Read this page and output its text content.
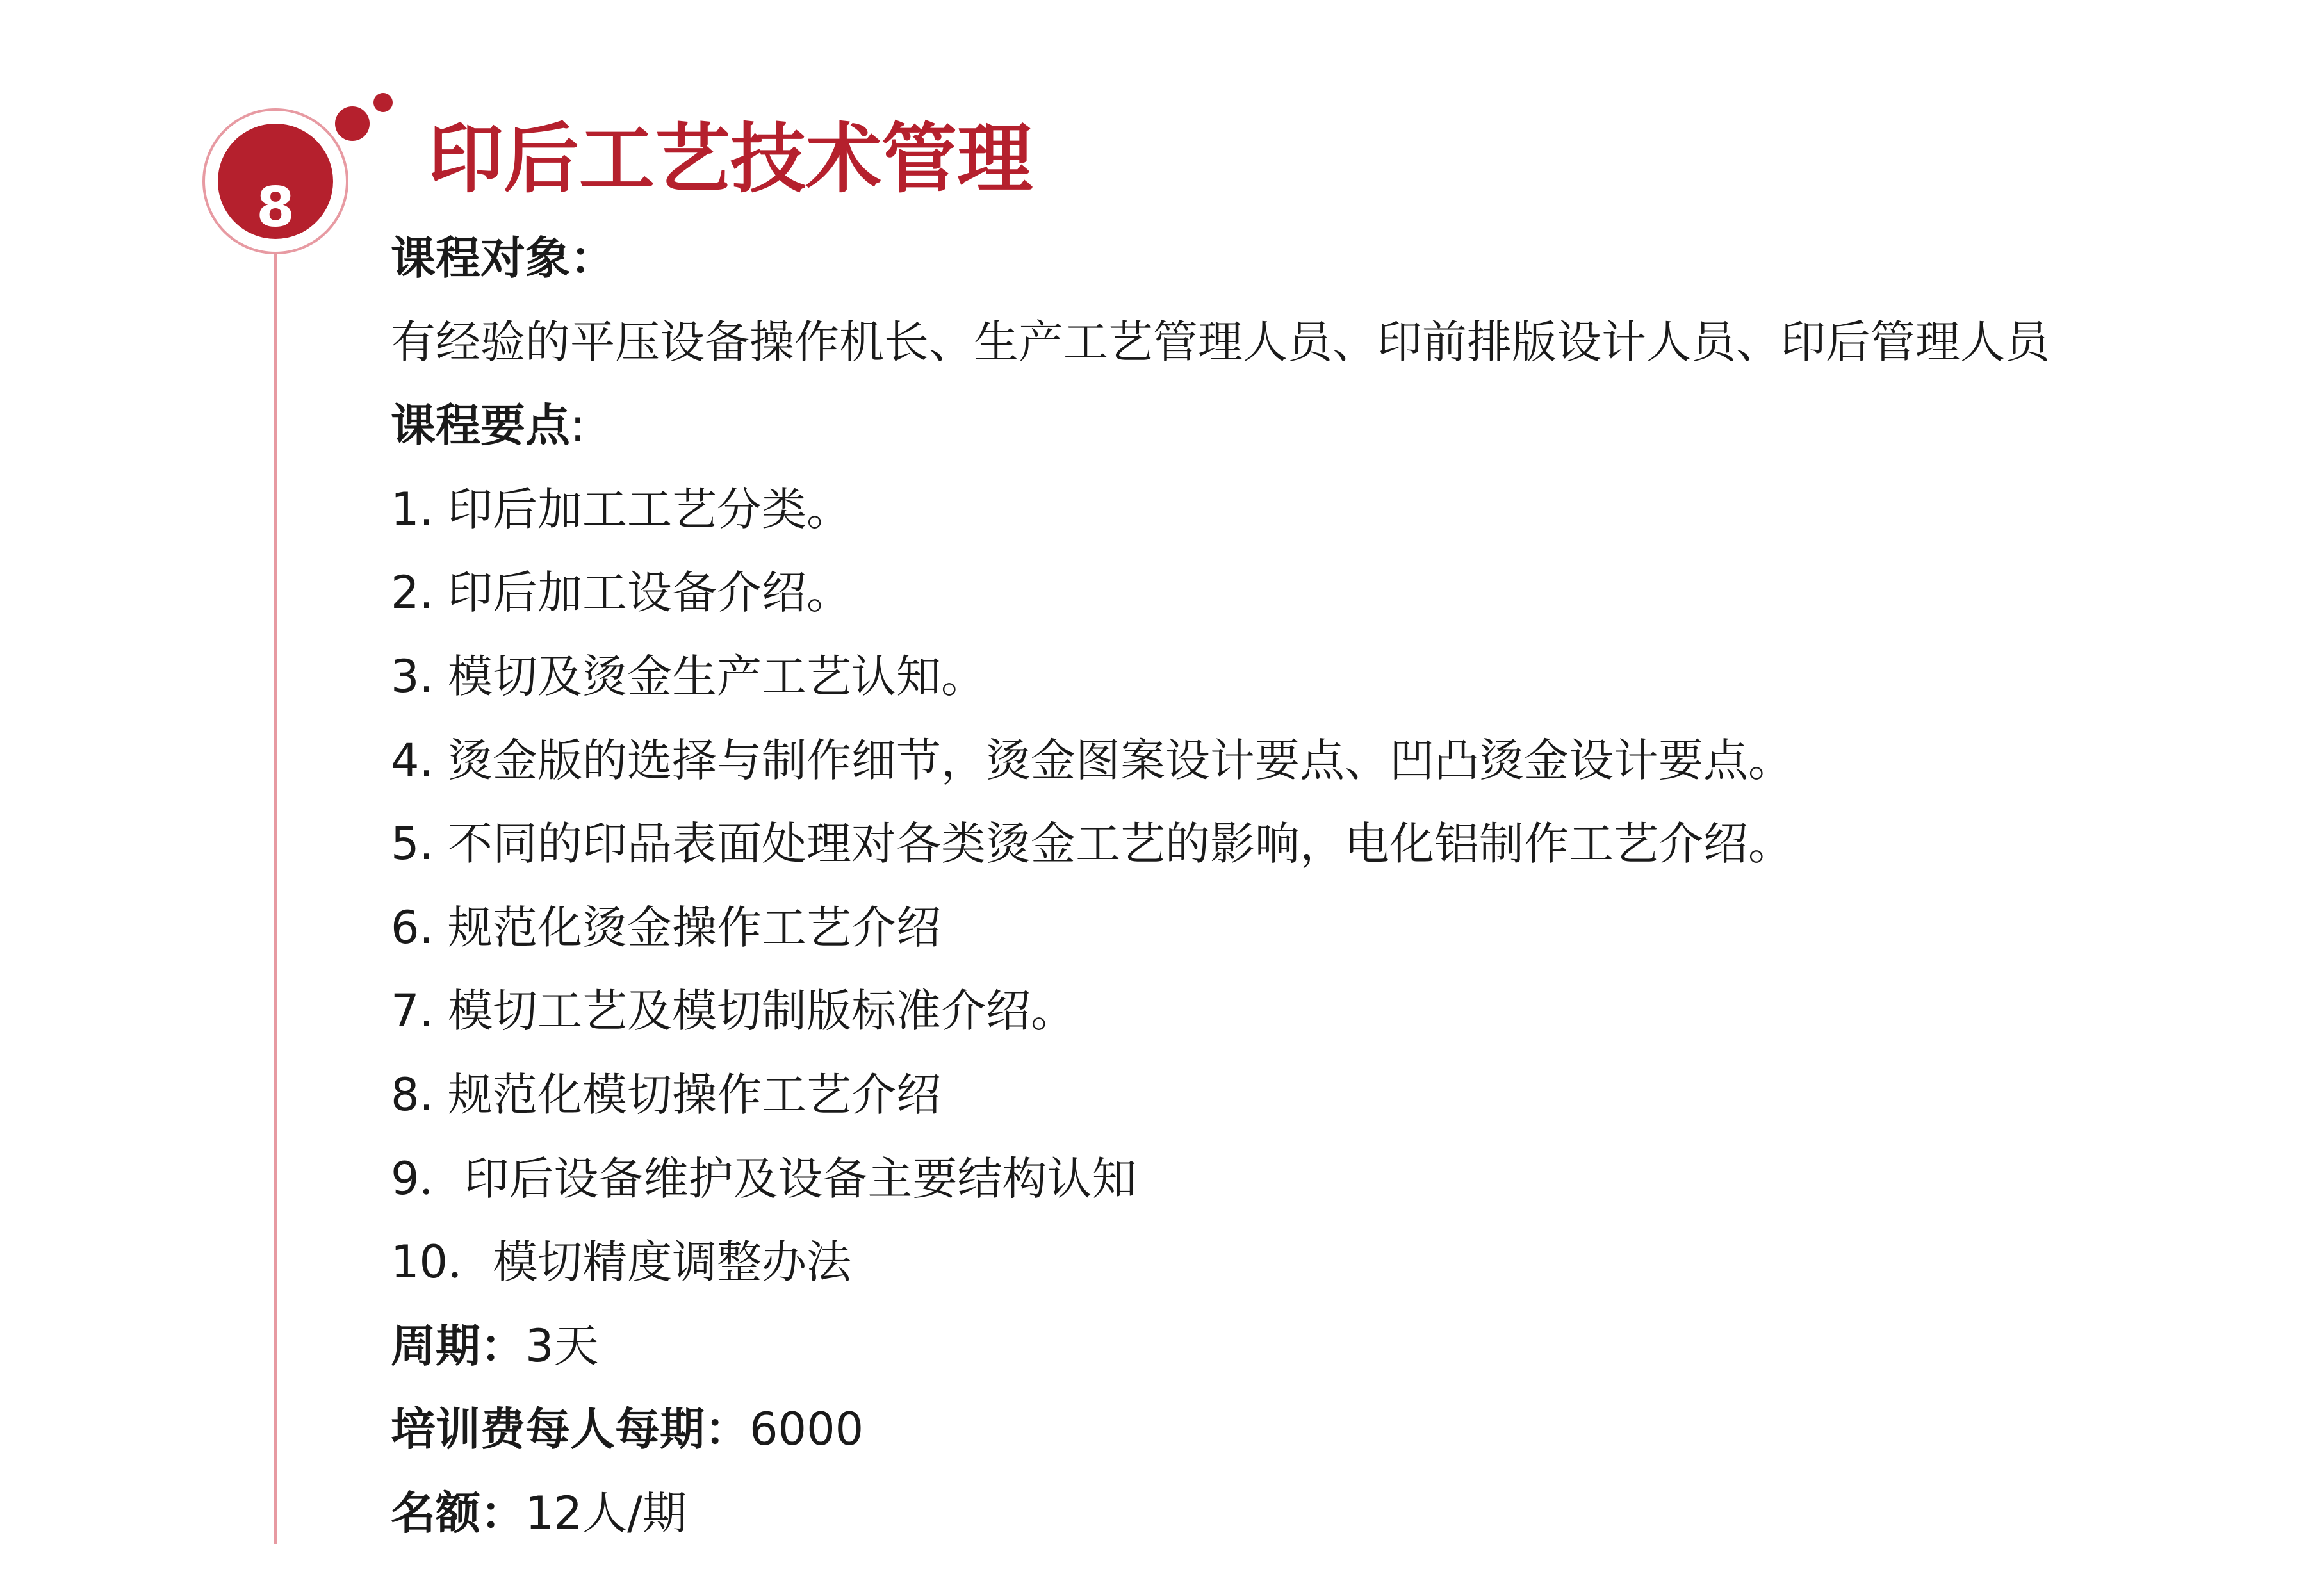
8
印后工艺技术管理
课程对象：
有经验的平压设备操作机长、生产工艺管理人员、印前排版设计人员、印后管理人员
课程要点:
1. 印后加工工艺分类。
2. 印后加工设备介绍。
3. 模切及烫金生产工艺认知。
4. 烫金版的选择与制作细节，烫金图案设计要点、凹凸烫金设计要点。
5. 不同的印品表面处理对各类烫金工艺的影响，电化铝制作工艺介绍。
6. 规范化烫金操作工艺介绍
7. 模切工艺及模切制版标准介绍。
8. 规范化模切操作工艺介绍
9．印后设备维护及设备主要结构认知
10．模切精度调整办法
周期：3天
培训费每人每期：6000
名额：12人/期
